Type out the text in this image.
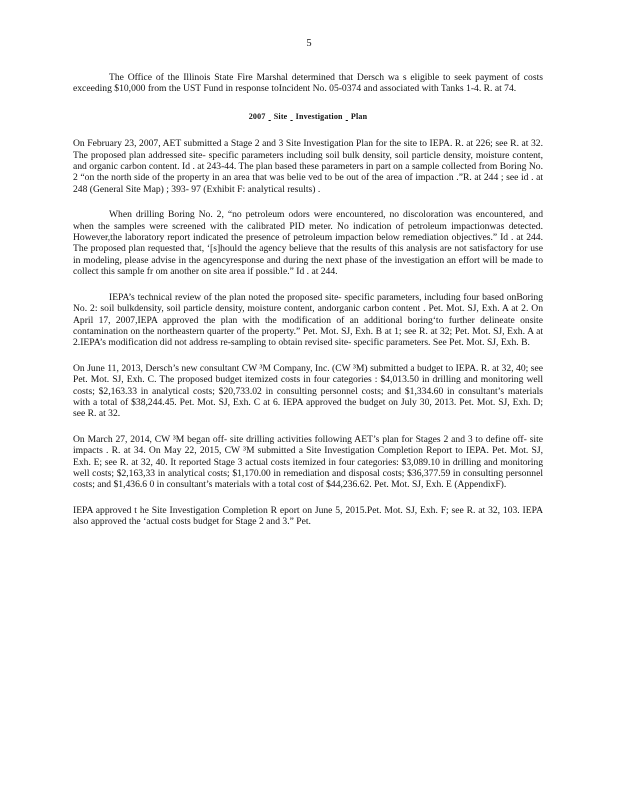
5

The Office of the Illinois State Fire Marshal determined that Dersch wa s eligible to seek payment of costs exceeding $10,000 from the UST Fund in response toIncident No. 05-0374 and associated with Tanks 1-4. R. at 74.

2007 Site Investigation Plan

On February 23, 2007, AET submitted a Stage 2 and 3 Site Investigation Plan for the site to IEPA. R. at 226; see R. at 32. The proposed plan addressed site- specific parameters including soil bulk density, soil particle density, moisture content, and organic carbon content. Id . at 243-44. The plan based these parameters in part on a sample collected from Boring No. 2 “on the north side of the property in an area that was belie ved to be out of the area of impaction .”R. at 244 ; see id . at 248 (General Site Map) ; 393- 97 (Exhibit F: analytical results) .

When drilling Boring No. 2, “no petroleum odors were encountered, no discoloration was encountered, and when the samples were screened with the calibrated PID meter. No indication of petroleum impactionwas detected. However,the laboratory report indicated the presence of petroleum impaction below remediation objectives.” Id . at 244. The proposed plan requested that, ‘[s]hould the agency believe that the results of this analysis are not satisfactory for use in modeling, please advise in the agencyresponse and during the next phase of the investigation an effort will be made to collect this sample fr om another on site area if possible.” Id . at 244.

IEPA’s technical review of the plan noted the proposed site- specific parameters, including four based onBoring No. 2: soil bulkdensity, soil particle density, moisture content, andorganic carbon content . Pet. Mot. SJ, Exh. A at 2. On April 17, 2007,IEPA approved the plan with the modification of an additional boring‘to further delineate onsite contamination on the northeastern quarter of the property.” Pet. Mot. SJ, Exh. B at 1; see R. at 32; Pet. Mot. SJ, Exh. A at 2.IEPA’s modification did not address re-sampling to obtain revised site- specific parameters. See Pet. Mot. SJ, Exh. B.

On June 11, 2013, Dersch’s new consultant CW ³M Company, Inc. (CW ³M) submitted a budget to IEPA. R. at 32, 40; see Pet. Mot. SJ, Exh. C. The proposed budget itemized costs in four categories : $4,013.50 in drilling and monitoring well costs; $2,163.33 in analytical costs; $20,733.02 in consulting personnel costs; and $1,334.60 in consultant’s materials with a total of $38,244.45. Pet. Mot. SJ, Exh. C at 6. IEPA approved the budget on July 30, 2013. Pet. Mot. SJ, Exh. D; see R. at 32.

On March 27, 2014, CW ³M began off- site drilling activities following AET’s plan for Stages 2 and 3 to define off- site impacts . R. at 34. On May 22, 2015, CW ³M submitted a Site Investigation Completion Report to IEPA. Pet. Mot. SJ, Exh. E; see R. at 32, 40. It reported Stage 3 actual costs itemized in four categories: $3,089.10 in drilling and monitoring well costs; $2,163,33 in analytical costs; $1,170.00 in remediation and disposal costs; $36,377.59 in consulting personnel costs; and $1,436.6 0 in consultant’s materials with a total cost of $44,236.62. Pet. Mot. SJ, Exh. E (AppendixF).

IEPA approved t he Site Investigation Completion R eport on June 5, 2015.Pet. Mot. SJ, Exh. F; see R. at 32, 103. IEPA also approved the ‘actual costs budget for Stage 2 and 3.” Pet.
